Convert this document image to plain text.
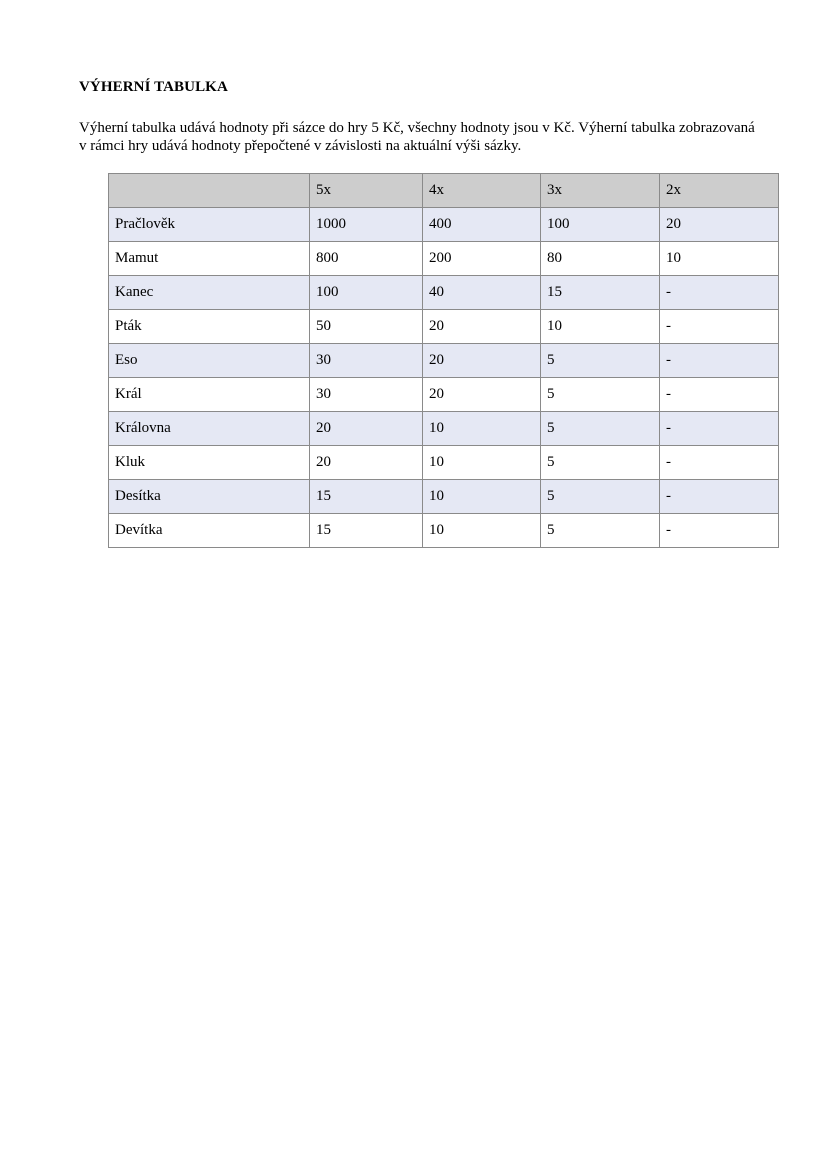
VÝHERNÍ TABULKA

Výherní tabulka udává hodnoty při sázce do hry 5 Kč, všechny hodnoty jsou v Kč. Výherní tabulka zobrazovaná v rámci hry udává hodnoty přepočtené v závislosti na aktuální výši sázky.

	5x	4x	3x	2x
Pračlověk	1000	400	100	20
Mamut	800	200	80	10
Kanec	100	40	15	-
Pták	50	20	10	-
Eso	30	20	5	-
Král	30	20	5	-
Královna	20	10	5	-
Kluk	20	10	5	-
Desítka	15	10	5	-
Devítka	15	10	5	-
